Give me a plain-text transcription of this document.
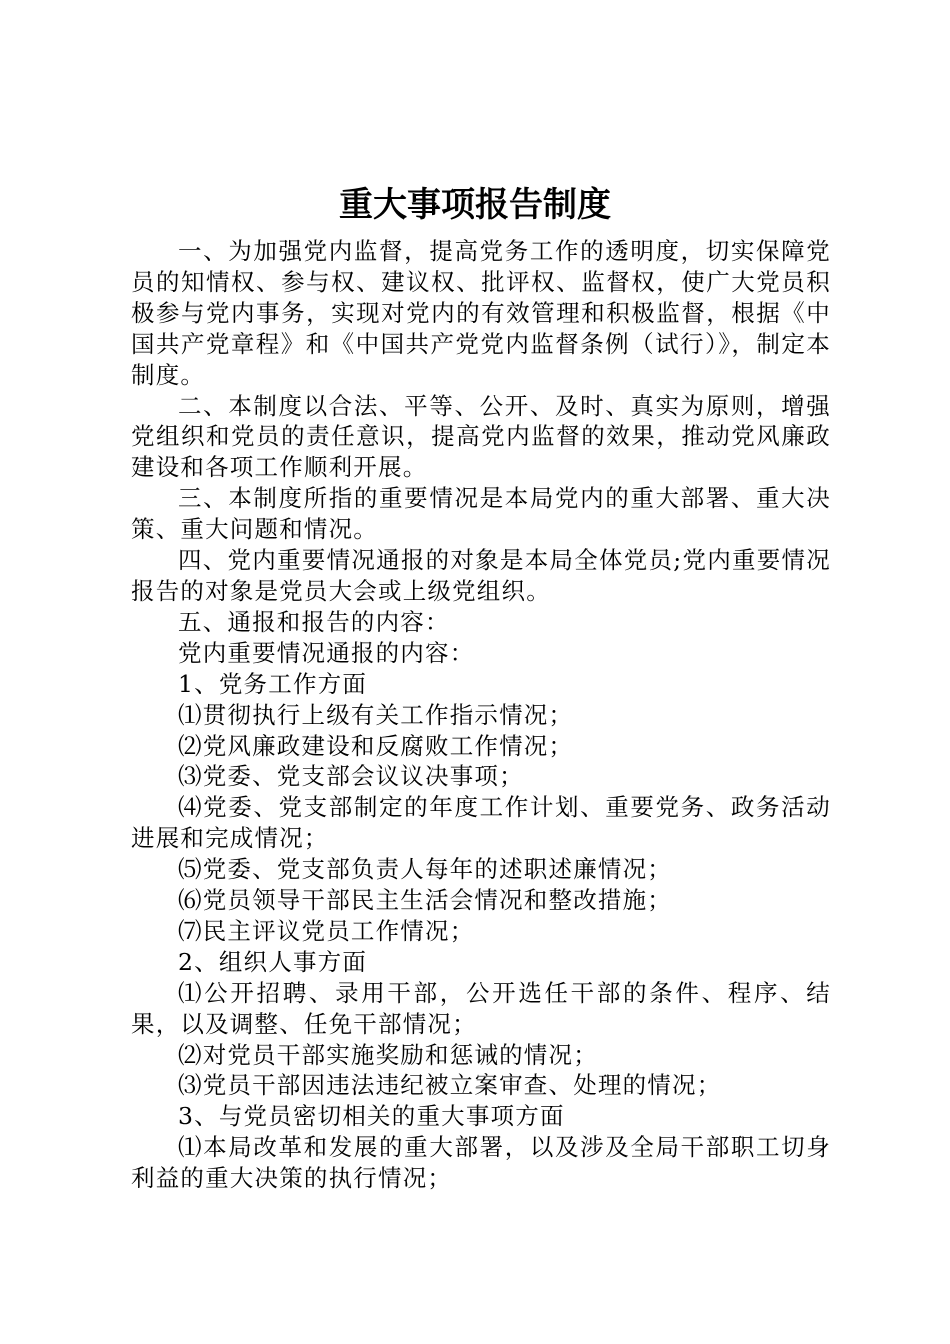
重大事项报告制度

一、为加强党内监督，提高党务工作的透明度，切实保障党员的知情权、参与权、建议权、批评权、监督权，使广大党员积极参与党内事务，实现对党内的有效管理和积极监督，根据《中国共产党章程》和《中国共产党党内监督条例（试行）》，制定本制度。

二、本制度以合法、平等、公开、及时、真实为原则，增强党组织和党员的责任意识，提高党内监督的效果，推动党风廉政建设和各项工作顺利开展。

三、本制度所指的重要情况是本局党内的重大部署、重大决策、重大问题和情况。

四、党内重要情况通报的对象是本局全体党员;党内重要情况报告的对象是党员大会或上级党组织。

五、通报和报告的内容：

党内重要情况通报的内容：

1、党务工作方面

⑴贯彻执行上级有关工作指示情况；

⑵党风廉政建设和反腐败工作情况；

⑶党委、党支部会议议决事项；

⑷党委、党支部制定的年度工作计划、重要党务、政务活动进展和完成情况；

⑸党委、党支部负责人每年的述职述廉情况；

⑹党员领导干部民主生活会情况和整改措施；

⑺民主评议党员工作情况；

2、组织人事方面

⑴公开招聘、录用干部，公开选任干部的条件、程序、结果，以及调整、任免干部情况；

⑵对党员干部实施奖励和惩诫的情况；

⑶党员干部因违法违纪被立案审查、处理的情况；

3、与党员密切相关的重大事项方面

⑴本局改革和发展的重大部署，以及涉及全局干部职工切身利益的重大决策的执行情况；
